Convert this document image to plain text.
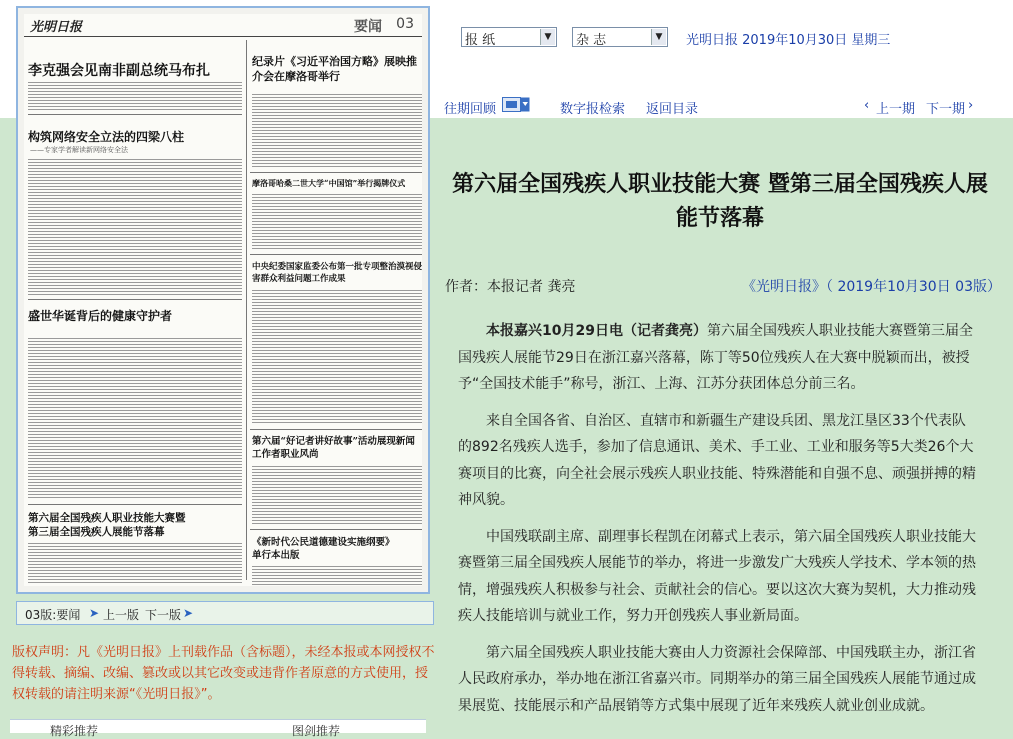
光明日报	要闻 03
李克强会见南非副总统马布扎
纪录片《习近平治国方略》展映推介会在摩洛哥举行
构筑网络安全立法的四梁八柱
——专家学者解读新网络安全法
摩洛哥哈桑二世大学“中国馆”举行揭牌仪式
中央纪委国家监委公布第一批专项整治漠视侵害群众利益问题工作成果
盛世华诞背后的健康守护者
第六届“好记者讲好故事”活动展现新闻工作者职业风尚
第六届全国残疾人职业技能大赛暨第三届全国残疾人展能节落幕
《新时代公民道德建设实施纲要》单行本出版
03版:要闻 ➤ 上一版 下一版 ➤
版权声明：凡《光明日报》上刊载作品（含标题），未经本报或本网授权不得转载、摘编、改编、篡改或以其它改变或违背作者原意的方式使用，授权转载的请注明来源“《光明日报》”。
精彩推荐	图剑推荐
报 纸	▼ 杂 志	▼ 光明日报 2019年10月30日 星期三
往期回顾	数字报检索 返回目录	‹ 上一期 下一期 ›
第六届全国残疾人职业技能大赛 暨第三届全国残疾人展能节落幕
作者：本报记者 龚亮	《光明日报》（ 2019年10月30日 03版）

本报嘉兴10月29日电（记者龚亮）第六届全国残疾人职业技能大赛暨第三届全国残疾人展能节29日在浙江嘉兴落幕，陈丁等50位残疾人在大赛中脱颖而出，被授予“全国技术能手”称号，浙江、上海、江苏分获团体总分前三名。

来自全国各省、自治区、直辖市和新疆生产建设兵团、黑龙江垦区33个代表队的892名残疾人选手，参加了信息通讯、美术、手工业、工业和服务等5大类26个大赛项目的比赛，向全社会展示残疾人职业技能、特殊潜能和自强不息、顽强拼搏的精神风貌。

中国残联副主席、副理事长程凯在闭幕式上表示，第六届全国残疾人职业技能大赛暨第三届全国残疾人展能节的举办，将进一步激发广大残疾人学技术、学本领的热情，增强残疾人积极参与社会、贡献社会的信心。要以这次大赛为契机，大力推动残疾人技能培训与就业工作，努力开创残疾人事业新局面。

第六届全国残疾人职业技能大赛由人力资源社会保障部、中国残联主办，浙江省人民政府承办，举办地在浙江省嘉兴市。同期举办的第三届全国残疾人展能节通过成果展览、技能展示和产品展销等方式集中展现了近年来残疾人就业创业成就。
